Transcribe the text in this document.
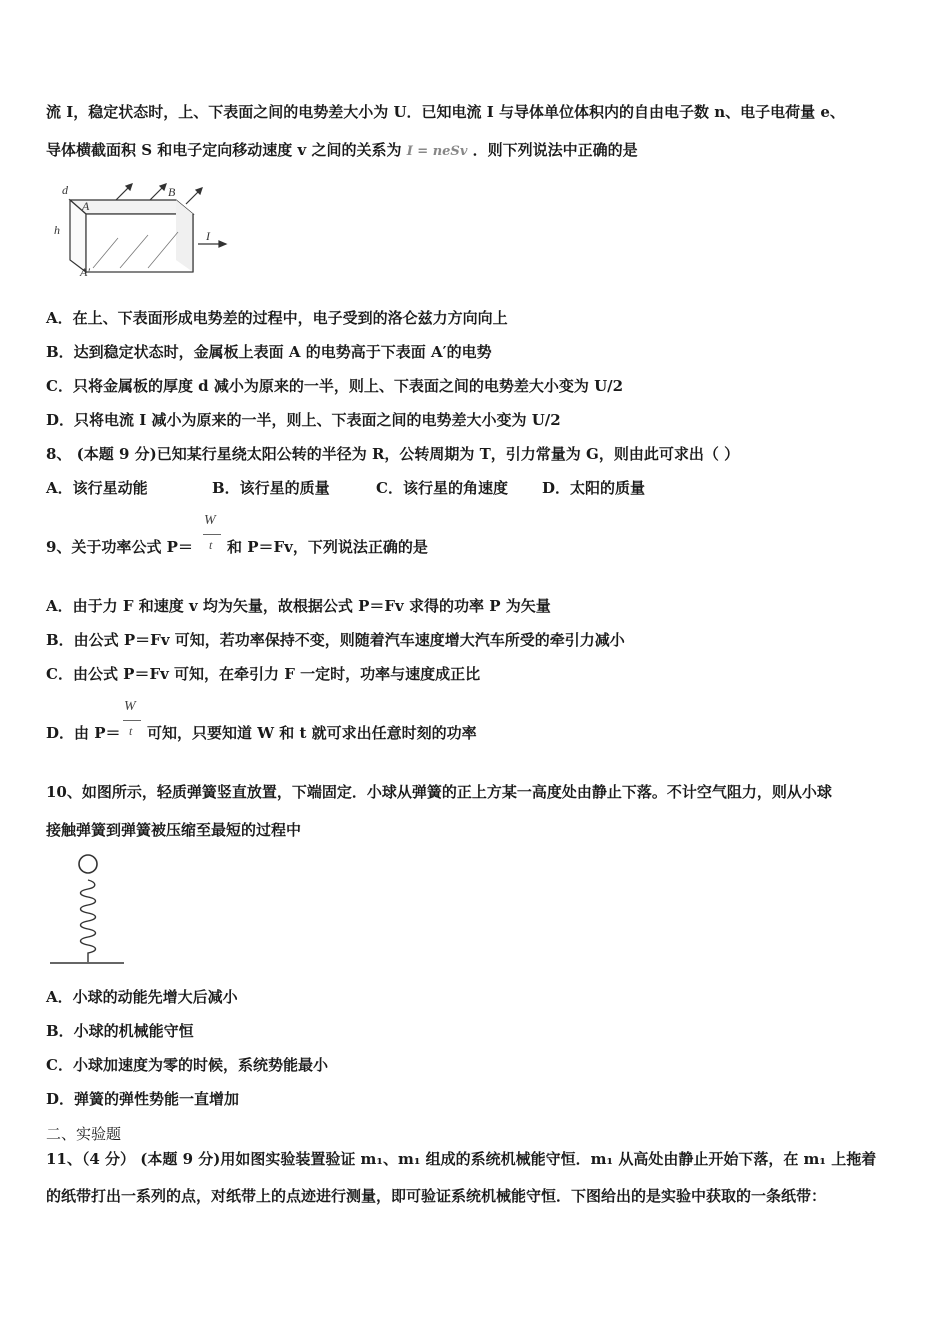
流 I，稳定状态时，上、下表面之间的电势差大小为 U．已知电流 I 与导体单位体积内的自由电子数 n、电子电荷量 e、
导体横截面积 S 和电子定向移动速度 v 之间的关系为 I = neSv ．则下列说法中正确的是
d
A
B
h	I
A′
A．在上、下表面形成电势差的过程中，电子受到的洛仑兹力方向向上
B．达到稳定状态时，金属板上表面 A 的电势高于下表面 A′的电势
C．只将金属板的厚度 d 减小为原来的一半，则上、下表面之间的电势差大小变为 U/2
D．只将电流 I 减小为原来的一半，则上、下表面之间的电势差大小变为 U/2
8、 (本题 9 分)已知某行星绕太阳公转的半径为 R，公转周期为 T，引力常量为 G，则由此可求出（ ）
A．该行星动能	B．该行星的质量	C．该行星的角速度 D．太阳的质量
W
t
9、关于功率公式 P＝ 和 P＝Fv，下列说法正确的是
A．由于力 F 和速度 v 均为矢量，故根据公式 P＝Fv 求得的功率 P 为矢量
B．由公式 P＝Fv 可知，若功率保持不变，则随着汽车速度增大汽车所受的牵引力减小
C．由公式 P＝Fv 可知，在牵引力 F 一定时，功率与速度成正比
W
t
D．由 P＝ 可知，只要知道 W 和 t 就可求出任意时刻的功率
10、如图所示，轻质弹簧竖直放置，下端固定．小球从弹簧的正上方某一高度处由静止下落。不计空气阻力，则从小球
接触弹簧到弹簧被压缩至最短的过程中
A．小球的动能先增大后减小
B．小球的机械能守恒
C．小球加速度为零的时候，系统势能最小
D．弹簧的弹性势能一直增加
二、实验题
11、（4 分） (本题 9 分)用如图实验装置验证 m₁、m₁ 组成的系统机械能守恒．m₁ 从高处由静止开始下落，在 m₁ 上拖着
的纸带打出一系列的点，对纸带上的点迹进行测量，即可验证系统机械能守恒．下图给出的是实验中获取的一条纸带：
